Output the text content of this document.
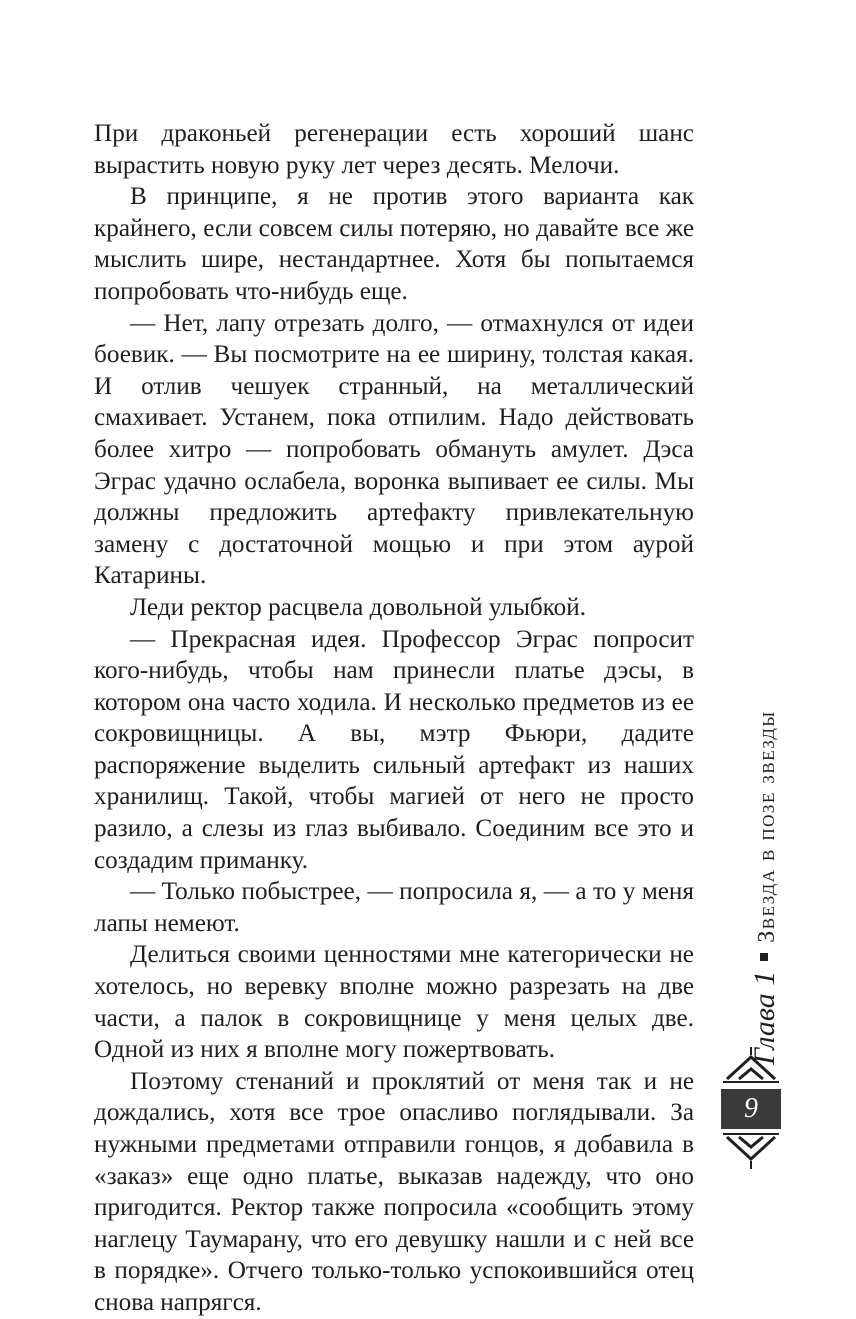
При драконьей регенерации есть хороший шанс вырастить новую руку лет через десять. Мелочи.

В принципе, я не против этого варианта как крайнего, если совсем силы потеряю, но давайте все же мыслить шире, нестандартнее. Хотя бы попытаемся попробовать что-нибудь еще.

— Нет, лапу отрезать долго, — отмахнулся от идеи боевик. — Вы посмотрите на ее ширину, толстая какая. И отлив чешуек странный, на металлический смахивает. Устанем, пока отпилим. Надо действовать более хитро — попробовать обмануть амулет. Дэса Эграс удачно ослабела, воронка выпивает ее силы. Мы должны предложить артефакту привлекательную замену с достаточной мощью и при этом аурой Катарины.

Леди ректор расцвела довольной улыбкой.

— Прекрасная идея. Профессор Эграс попросит кого-нибудь, чтобы нам принесли платье дэсы, в котором она часто ходила. И несколько предметов из ее сокровищницы. А вы, мэтр Фьюри, дадите распоряжение выделить сильный артефакт из наших хранилищ. Такой, чтобы магией от него не просто разило, а слезы из глаз выбивало. Соединим все это и создадим приманку.

— Только побыстрее, — попросила я, — а то у меня лапы немеют.

Делиться своими ценностями мне категорически не хотелось, но веревку вполне можно разрезать на две части, а палок в сокровищнице у меня целых две. Одной из них я вполне могу пожертвовать.

Поэтому стенаний и проклятий от меня так и не дождались, хотя все трое опасливо поглядывали. За нужными предметами отправили гонцов, я добавила в «заказ» еще одно платье, выказав надежду, что оно пригодится. Ректор также попросила «сообщить этому наглецу Таумарану, что его девушку нашли и с ней все в порядке». Отчего только-только успокоившийся отец снова напрягся.

Глава 1
Звезда в позе звезды
9
